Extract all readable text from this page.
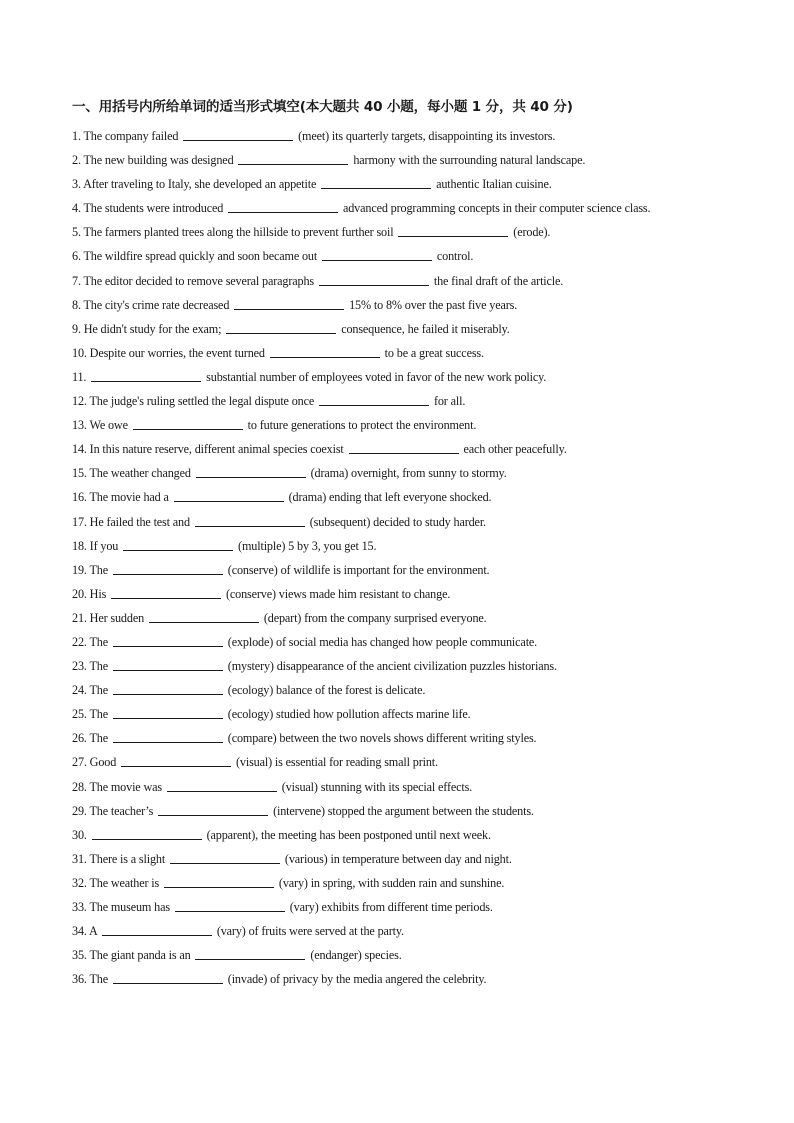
一、用括号内所给单词的适当形式填空(本大题共 40 小题，每小题 1 分，共 40 分)
1. The company failed	(meet) its quarterly targets, disappointing its investors.
2. The new building was designed	harmony with the surrounding natural landscape.
3. After traveling to Italy, she developed an appetite	authentic Italian cuisine.
4. The students were introduced	advanced programming concepts in their computer science class.
5. The farmers planted trees along the hillside to prevent further soil	(erode).
6. The wildfire spread quickly and soon became out	control.
7. The editor decided to remove several paragraphs	the final draft of the article.
8. The city's crime rate decreased	15% to 8% over the past five years.
9. He didn't study for the exam;	consequence, he failed it miserably.
10. Despite our worries, the event turned	to be a great success.
11.	substantial number of employees voted in favor of the new work policy.
12. The judge's ruling settled the legal dispute once	for all.
13. We owe	to future generations to protect the environment.
14. In this nature reserve, different animal species coexist	each other peacefully.
15. The weather changed	(drama) overnight, from sunny to stormy.
16. The movie had a	(drama) ending that left everyone shocked.
17. He failed the test and	(subsequent) decided to study harder.
18. If you	(multiple) 5 by 3, you get 15.
19. The	(conserve) of wildlife is important for the environment.
20. His	(conserve) views made him resistant to change.
21. Her sudden	(depart) from the company surprised everyone.
22. The	(explode) of social media has changed how people communicate.
23. The	(mystery) disappearance of the ancient civilization puzzles historians.
24. The	(ecology) balance of the forest is delicate.
25. The	(ecology) studied how pollution affects marine life.
26. The	(compare) between the two novels shows different writing styles.
27. Good	(visual) is essential for reading small print.
28. The movie was	(visual) stunning with its special effects.
29. The teacher’s	(intervene) stopped the argument between the students.
30.	(apparent), the meeting has been postponed until next week.
31. There is a slight	(various) in temperature between day and night.
32. The weather is	(vary) in spring, with sudden rain and sunshine.
33. The museum has	(vary) exhibits from different time periods.
34. A	(vary) of fruits were served at the party.
35. The giant panda is an	(endanger) species.
36. The	(invade) of privacy by the media angered the celebrity.
